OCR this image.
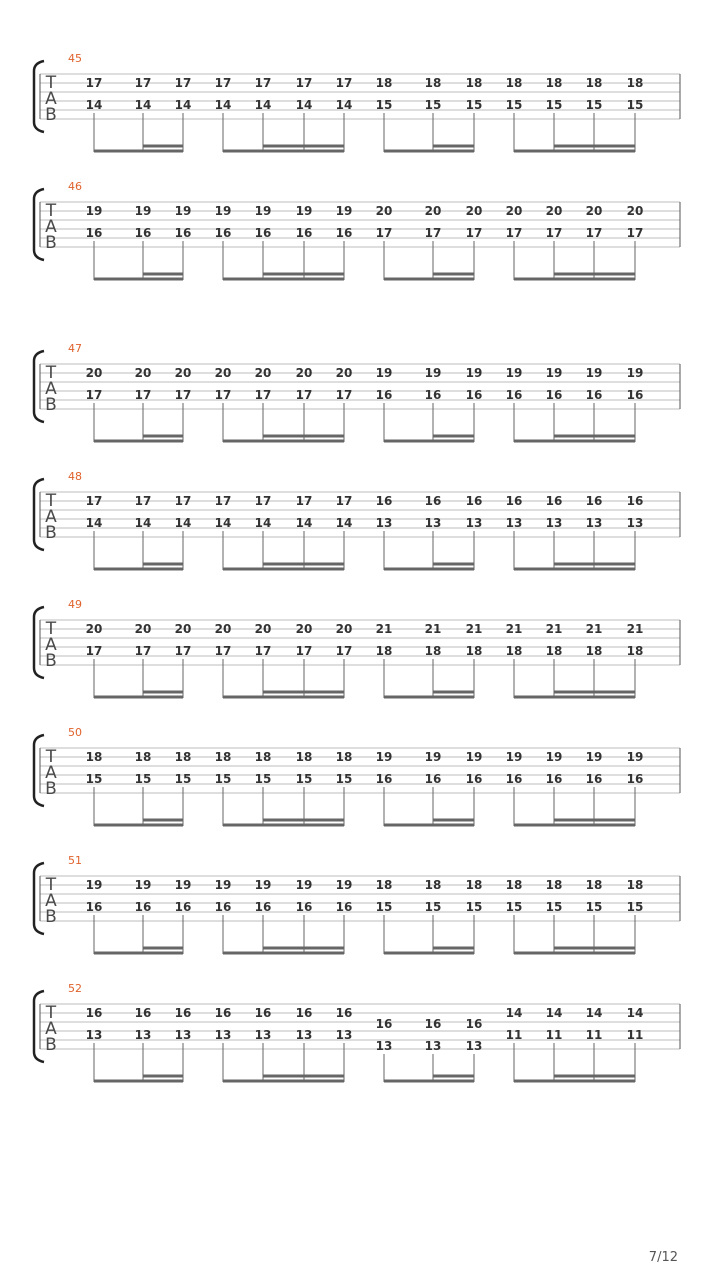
T
A
B
45
17
14
17
14
17
14
17
14
17
14
17
14
17
14
18
15
18
15
18
15
18
15
18
15
18
15
18
15
T
A
B
46
19
16
19
16
19
16
19
16
19
16
19
16
19
16
20
17
20
17
20
17
20
17
20
17
20
17
20
17
T
A
B
47
20
17
20
17
20
17
20
17
20
17
20
17
20
17
19
16
19
16
19
16
19
16
19
16
19
16
19
16
T
A
B
48
17
14
17
14
17
14
17
14
17
14
17
14
17
14
16
13
16
13
16
13
16
13
16
13
16
13
16
13
T
A
B
49
20
17
20
17
20
17
20
17
20
17
20
17
20
17
21
18
21
18
21
18
21
18
21
18
21
18
21
18
T
A
B
50
18
15
18
15
18
15
18
15
18
15
18
15
18
15
19
16
19
16
19
16
19
16
19
16
19
16
19
16
T
A
B
51
19
16
19
16
19
16
19
16
19
16
19
16
19
16
18
15
18
15
18
15
18
15
18
15
18
15
18
15
T
A
B
52
16
13
16
13
16
13
16
13
16
13
16
13
16
13
16
13
16
13
16
13
14
11
14
11
14
11
14
11
7/12
